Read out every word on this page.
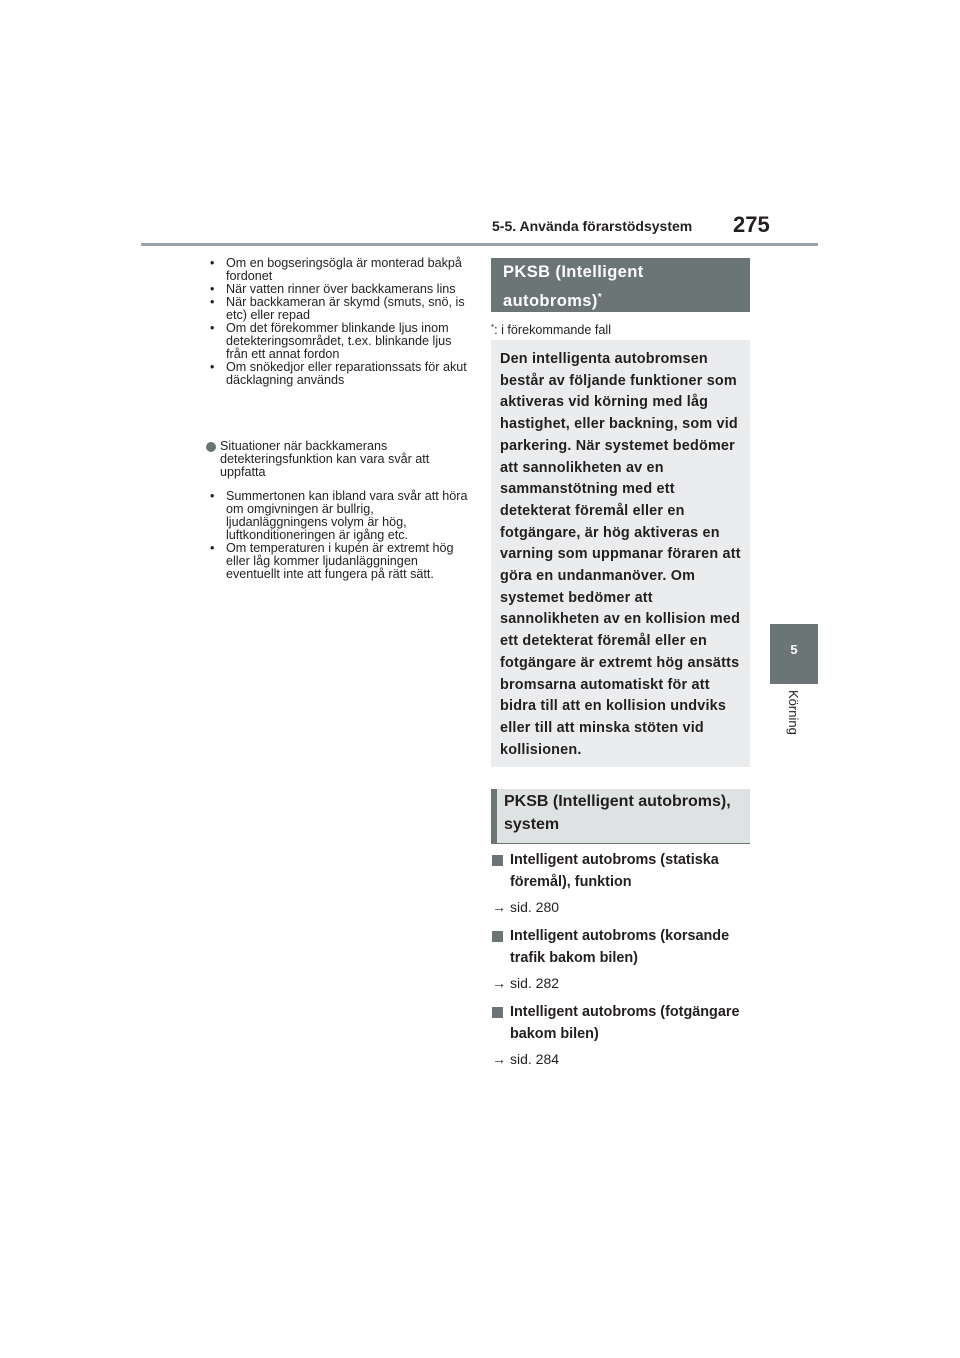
5-5. Använda förarstödsystem 275
5
Körning
• Om en bogseringsögla är monterad bakpå fordonet
• När vatten rinner över backkamerans lins
• När backkameran är skymd (smuts, snö, is etc) eller repad
• Om det förekommer blinkande ljus inom detekteringsområdet, t.ex. blinkande ljus från ett annat fordon
• Om snökedjor eller reparationssats för akut däcklagning används
Situationer när backkamerans detekteringsfunktion kan vara svår att uppfatta
• Summertonen kan ibland vara svår att höra om omgivningen är bullrig, ljudanläggningens volym är hög, luftkonditioneringen är igång etc.
• Om temperaturen i kupén är extremt hög eller låg kommer ljudanläggningen eventuellt inte att fungera på rätt sätt.
PKSB (Intelligent autobroms)*
*: i förekommande fall
Den intelligenta autobromsen består av följande funktioner som aktiveras vid körning med låg hastighet, eller backning, som vid parkering. När systemet bedömer att sannolikheten av en sammanstötning med ett detekterat föremål eller en fotgängare, är hög aktiveras en varning som uppmanar föraren att göra en undanmanöver. Om systemet bedömer att sannolikheten av en kollision med ett detekterat föremål eller en fotgängare är extremt hög ansätts bromsarna automatiskt för att bidra till att en kollision undviks eller till att minska stöten vid kollisionen.
PKSB (Intelligent autobroms), system
Intelligent autobroms (statiska föremål), funktion
→ sid. 280
Intelligent autobroms (korsande trafik bakom bilen)
→ sid. 282
Intelligent autobroms (fotgängare bakom bilen)
→ sid. 284
